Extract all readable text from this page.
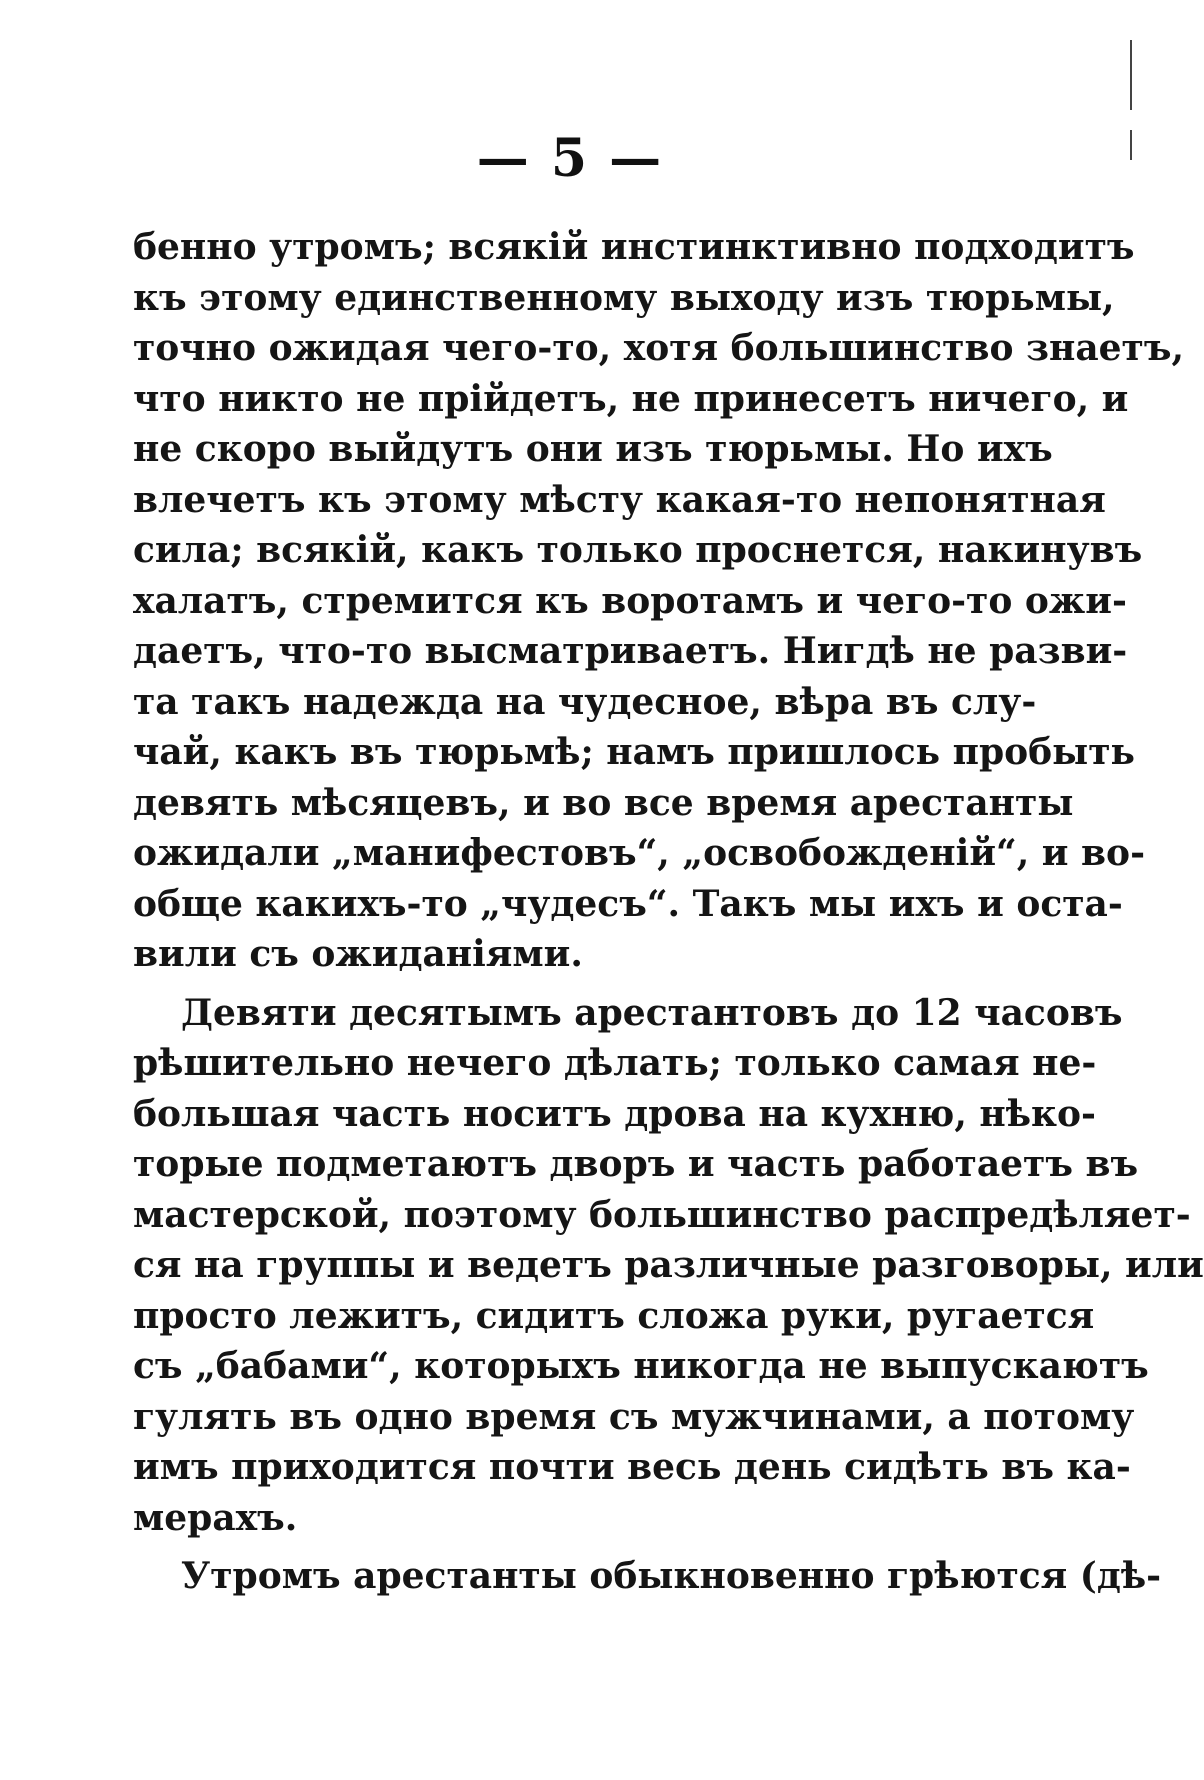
— 5 —
бенно утромъ; всякій инстинктивно подходитъ
къ этому единственному выходу изъ тюрьмы,
точно ожидая чего-то, хотя большинство знаетъ,
что никто не прійдетъ, не принесетъ ничего, и
не скоро выйдутъ они изъ тюрьмы. Но ихъ
влечетъ къ этому мѣсту какая-то непонятная
сила; всякій, какъ только проснется, накинувъ
халатъ, стремится къ воротамъ и чего-то ожи-
даетъ, что-то высматриваетъ. Нигдѣ не разви-
та такъ надежда на чудесное, вѣра въ слу-
чай, какъ въ тюрьмѣ; намъ пришлось пробыть
девять мѣсяцевъ, и во все время арестанты
ожидали „манифестовъ“, „освобожденій“, и во-
обще какихъ-то „чудесъ“. Такъ мы ихъ и оста-
вили съ ожиданіями.
Девяти десятымъ арестантовъ до 12 часовъ
рѣшительно нечего дѣлать; только самая не-
большая часть носитъ дрова на кухню, нѣко-
торые подметаютъ дворъ и часть работаетъ въ
мастерской, поэтому большинство распредѣляет-
ся на группы и ведетъ различные разговоры, или
просто лежитъ, сидитъ сложа руки, ругается
съ „бабами“, которыхъ никогда не выпускаютъ
гулять въ одно время съ мужчинами, а потому
имъ приходится почти весь день сидѣть въ ка-
мерахъ.
Утромъ арестанты обыкновенно грѣются (дѣ-
